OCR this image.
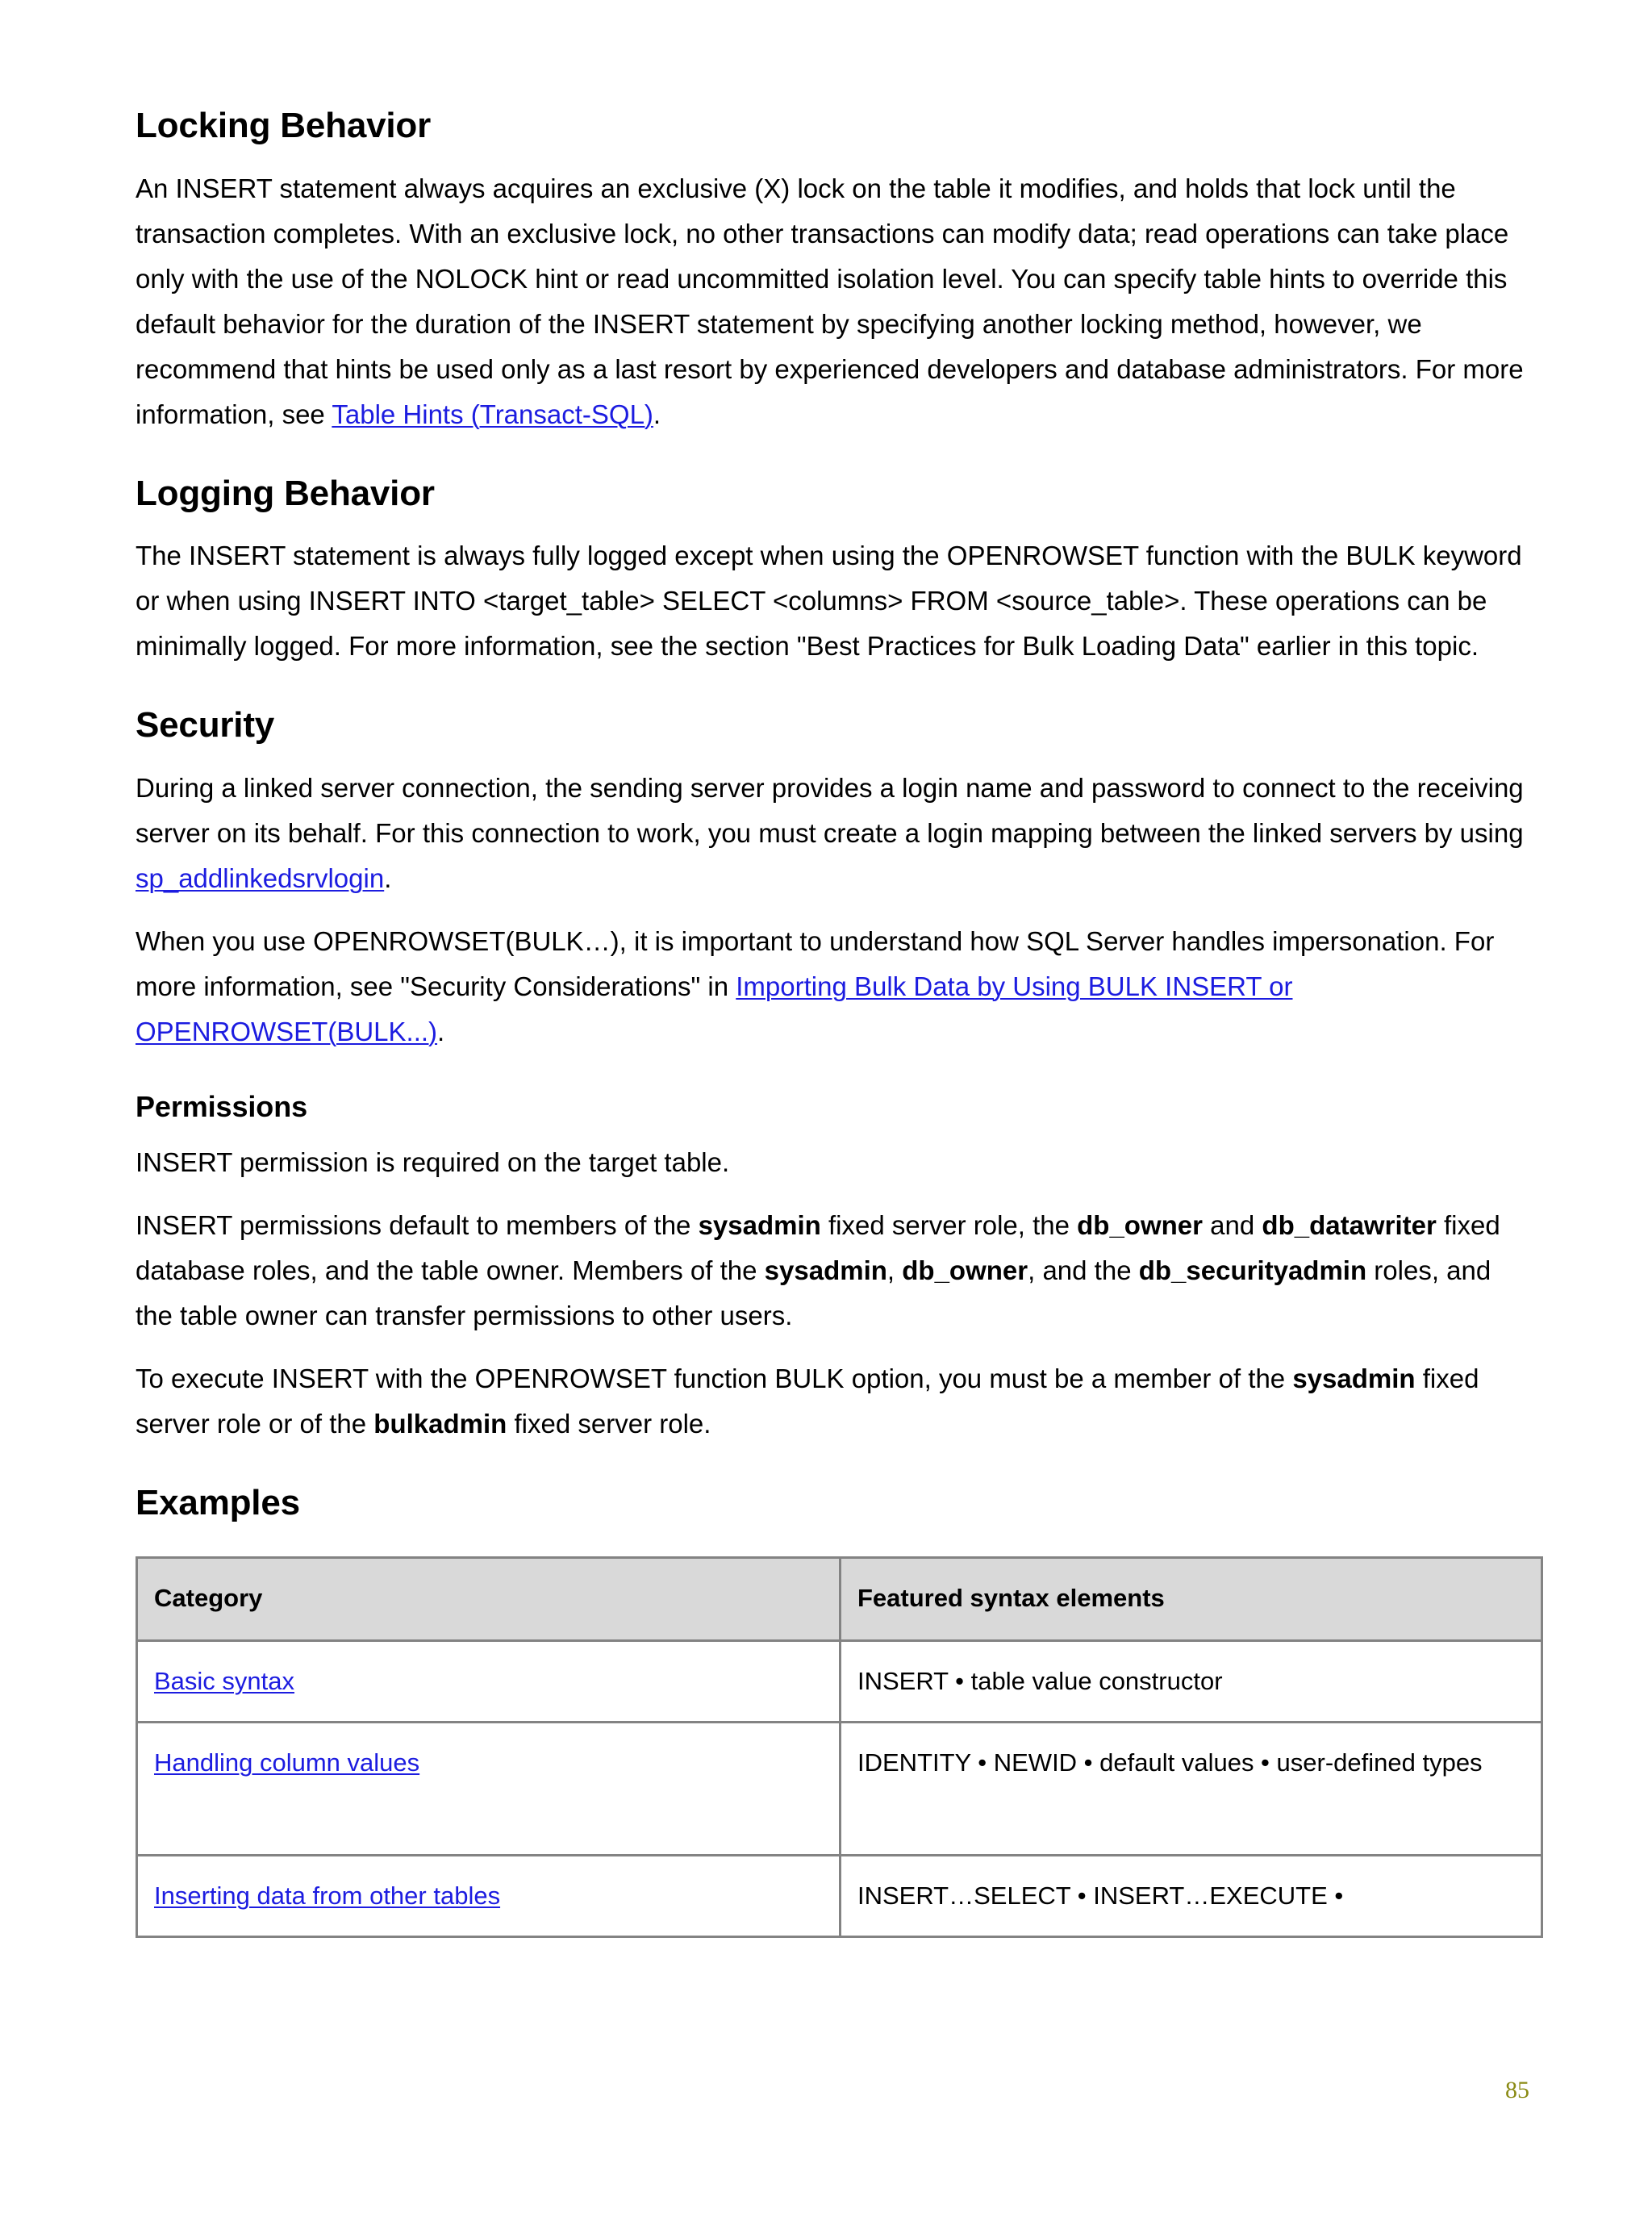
Locking Behavior

An INSERT statement always acquires an exclusive (X) lock on the table it modifies, and holds that lock until the transaction completes. With an exclusive lock, no other transactions can modify data; read operations can take place only with the use of the NOLOCK hint or read uncommitted isolation level. You can specify table hints to override this default behavior for the duration of the INSERT statement by specifying another locking method, however, we recommend that hints be used only as a last resort by experienced developers and database administrators. For more information, see Table Hints (Transact-SQL).

Logging Behavior

The INSERT statement is always fully logged except when using the OPENROWSET function with the BULK keyword or when using INSERT INTO <target_table> SELECT <columns> FROM <source_table>. These operations can be minimally logged. For more information, see the section "Best Practices for Bulk Loading Data" earlier in this topic.

Security

During a linked server connection, the sending server provides a login name and password to connect to the receiving server on its behalf. For this connection to work, you must create a login mapping between the linked servers by using sp_addlinkedsrvlogin.

When you use OPENROWSET(BULK…), it is important to understand how SQL Server handles impersonation. For more information, see "Security Considerations" in Importing Bulk Data by Using BULK INSERT or OPENROWSET(BULK...).

Permissions

INSERT permission is required on the target table.

INSERT permissions default to members of the sysadmin fixed server role, the db_owner and db_datawriter fixed database roles, and the table owner. Members of the sysadmin, db_owner, and the db_securityadmin roles, and the table owner can transfer permissions to other users.

To execute INSERT with the OPENROWSET function BULK option, you must be a member of the sysadmin fixed server role or of the bulkadmin fixed server role.

Examples
Category	Featured syntax elements
Basic syntax	INSERT • table value constructor
Handling column values	IDENTITY • NEWID • default values • user-defined types
Inserting data from other tables	INSERT…SELECT • INSERT…EXECUTE •
85
